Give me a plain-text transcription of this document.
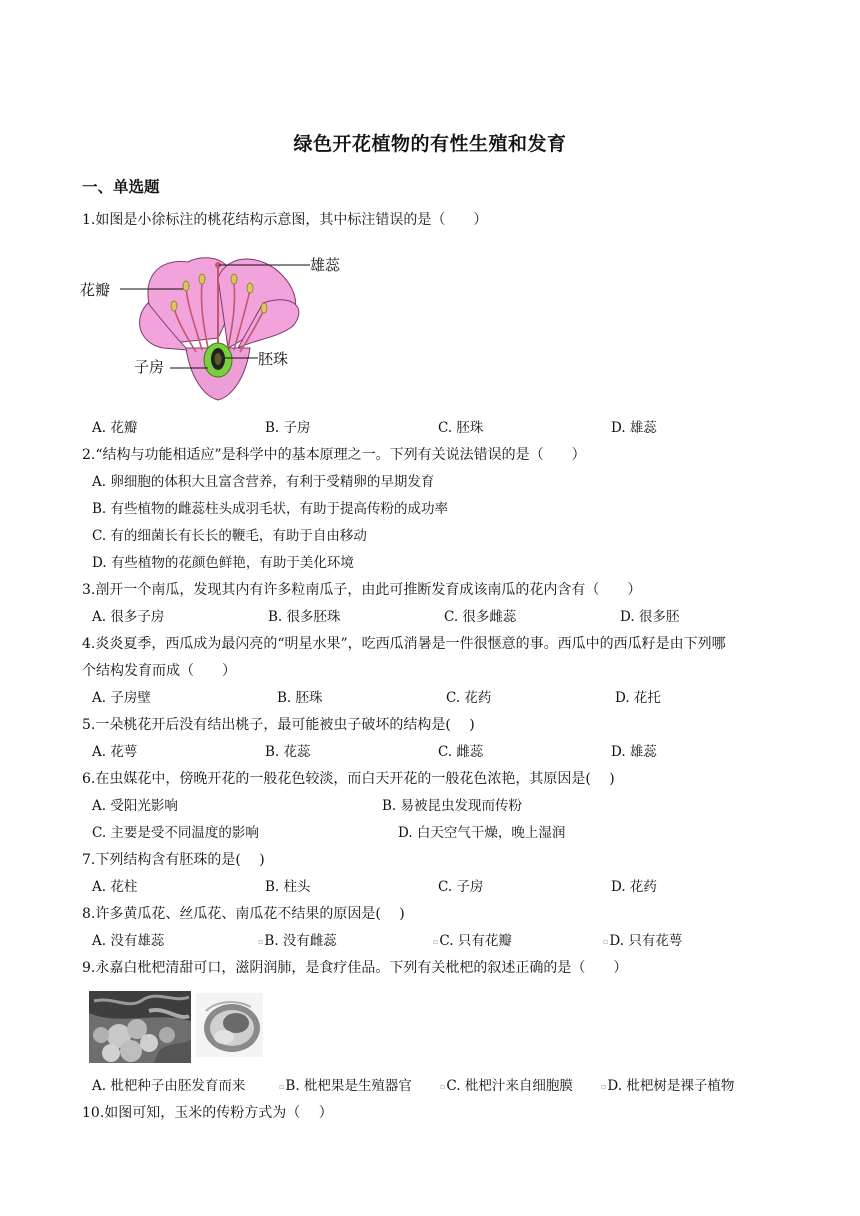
绿色开花植物的有性生殖和发育
一、单选题
1.如图是小徐标注的桃花结构示意图，其中标注错误的是（　　）
雄蕊
花瓣
子房	胚珠
A. 花瓣	B. 子房	C. 胚珠	D. 雄蕊
2.“结构与功能相适应”是科学中的基本原理之一。下列有关说法错误的是（　　）
A. 卵细胞的体积大且富含营养，有利于受精卵的早期发育
B. 有些植物的雌蕊柱头成羽毛状，有助于提高传粉的成功率
C. 有的细菌长有长长的鞭毛，有助于自由移动
D. 有些植物的花颜色鲜艳，有助于美化环境
3.剖开一个南瓜，发现其内有许多粒南瓜子，由此可推断发育成该南瓜的花内含有（　　）
A. 很多子房	B. 很多胚珠	C. 很多雌蕊	D. 很多胚
4.炎炎夏季，西瓜成为最闪亮的“明星水果”，吃西瓜消暑是一件很惬意的事。西瓜中的西瓜籽是由下列哪
个结构发育而成（　　）
A. 子房壁	B. 胚珠	C. 花药	D. 花托
5.一朵桃花开后没有结出桃子，最可能被虫子破坏的结构是(　 )
A. 花萼	B. 花蕊	C. 雌蕊	D. 雄蕊
6.在虫媒花中，傍晚开花的一般花色较淡，而白天开花的一般花色浓艳，其原因是(　 )
A. 受阳光影响	B. 易被昆虫发现而传粉
C. 主要是受不同温度的影响	D. 白天空气干燥，晚上湿润
7.下列结构含有胚珠的是(　 )
A. 花柱	B. 柱头	C. 子房	D. 花药
8.许多黄瓜花、丝瓜花、南瓜花不结果的原因是(　 )
A. 没有雄蕊	▫B. 没有雌蕊	▫C. 只有花瓣	▫D. 只有花萼
9.永嘉白枇杷清甜可口，滋阴润肺，是食疗佳品。下列有关枇杷的叙述正确的是（　　）
A. 枇杷种子由胚发育而来	▫B. 枇杷果是生殖器官	▫C. 枇杷汁来自细胞膜	▫D. 枇杷树是裸子植物
10.如图可知，玉米的传粉方式为（　 ）
